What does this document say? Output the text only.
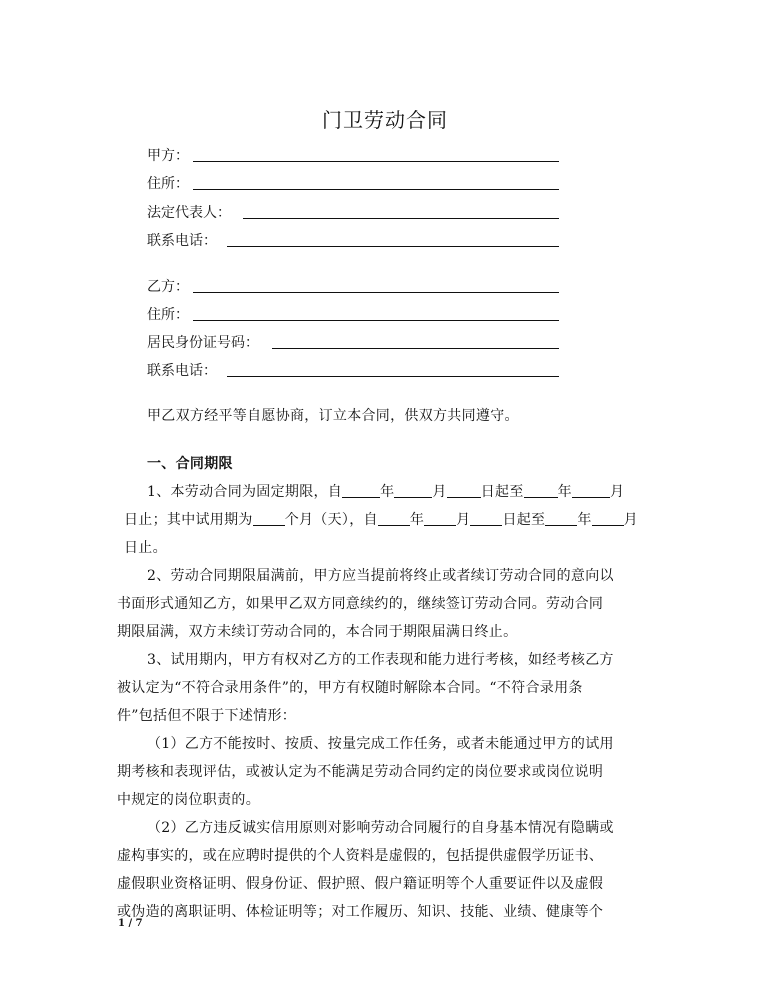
门卫劳动合同
甲方：
住所：
法定代表人：
联系电话：
乙方：
住所：
居民身份证号码：
联系电话：
甲乙双方经平等自愿协商，订立本合同，供双方共同遵守。
一、合同期限
1、本劳动合同为固定期限，自	年	月 日起至 年	月
日止；其中试用期为 个月（天），自 年 月 日起至 年 月
日止。
2、劳动合同期限届满前，甲方应当提前将终止或者续订劳动合同的意向以
书面形式通知乙方，如果甲乙双方同意续约的，继续签订劳动合同。劳动合同
期限届满，双方未续订劳动合同的，本合同于期限届满日终止。
3、试用期内，甲方有权对乙方的工作表现和能力进行考核，如经考核乙方
被认定为“不符合录用条件”的，甲方有权随时解除本合同。“不符合录用条
件”包括但不限于下述情形：
（1）乙方不能按时、按质、按量完成工作任务，或者未能通过甲方的试用
期考核和表现评估，或被认定为不能满足劳动合同约定的岗位要求或岗位说明
中规定的岗位职责的。
（2）乙方违反诚实信用原则对影响劳动合同履行的自身基本情况有隐瞒或
虚构事实的，或在应聘时提供的个人资料是虚假的，包括提供虚假学历证书、
虚假职业资格证明、假身份证、假护照、假户籍证明等个人重要证件以及虚假
或伪造的离职证明、体检证明等；对工作履历、知识、技能、业绩、健康等个
1 / 7
